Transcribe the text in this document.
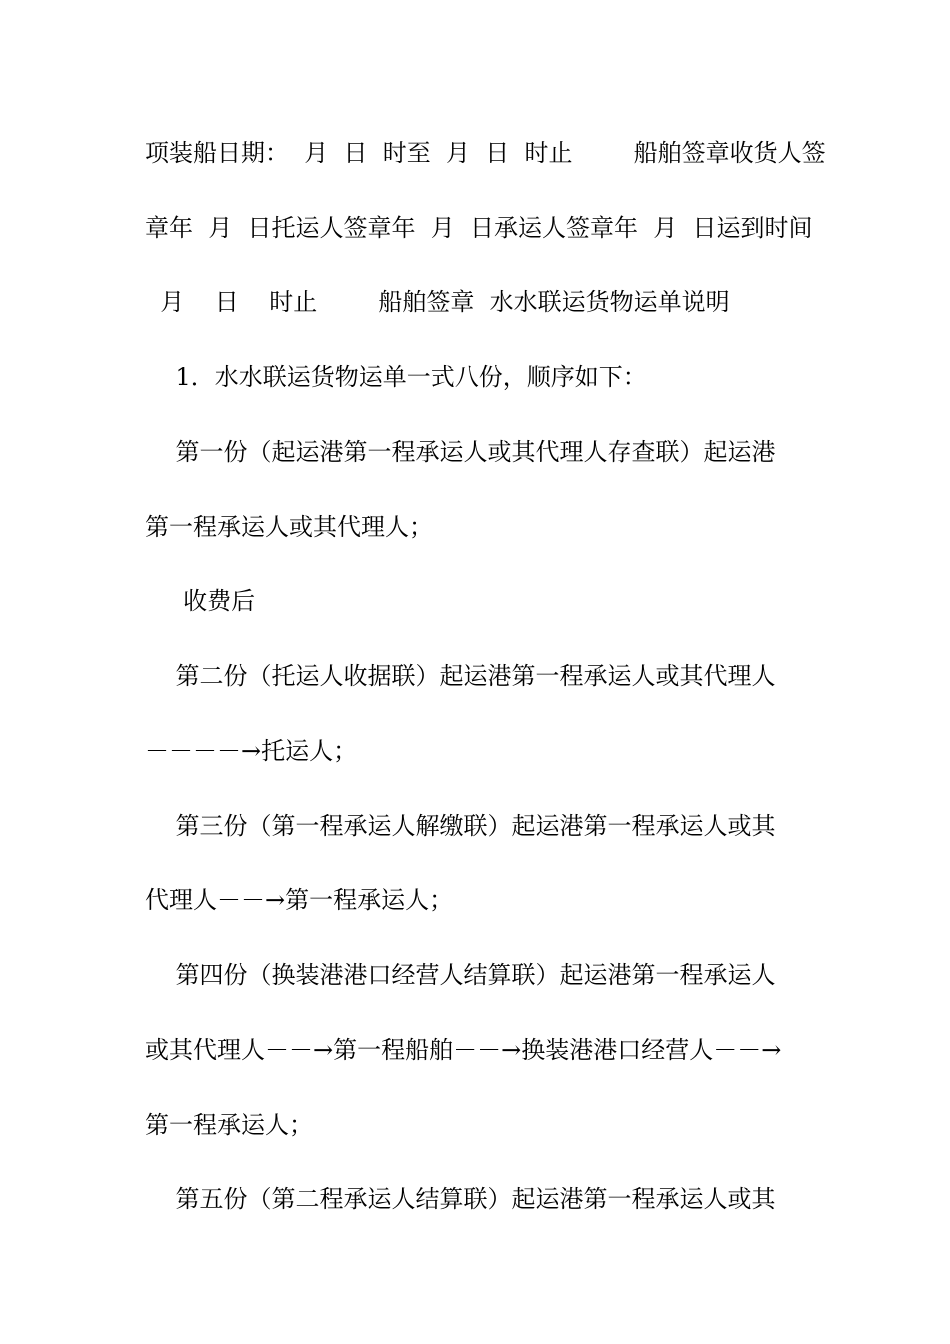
项装船日期：  月  日  时至  月  日  时止        船舶签章收货人签
章年  月  日托运人签章年  月  日承运人签章年  月  日运到时间
月    日    时止        船舶签章  水水联运货物运单说明
1．水水联运货物运单一式八份，顺序如下：
第一份（起运港第一程承运人或其代理人存查联）起运港
第一程承运人或其代理人；
收费后
第二份（托运人收据联）起运港第一程承运人或其代理人
－－－－→托运人；
第三份（第一程承运人解缴联）起运港第一程承运人或其
代理人－－→第一程承运人；
第四份（换装港港口经营人结算联）起运港第一程承运人
或其代理人－－→第一程船舶－－→换装港港口经营人－－→
第一程承运人；
第五份（第二程承运人结算联）起运港第一程承运人或其
